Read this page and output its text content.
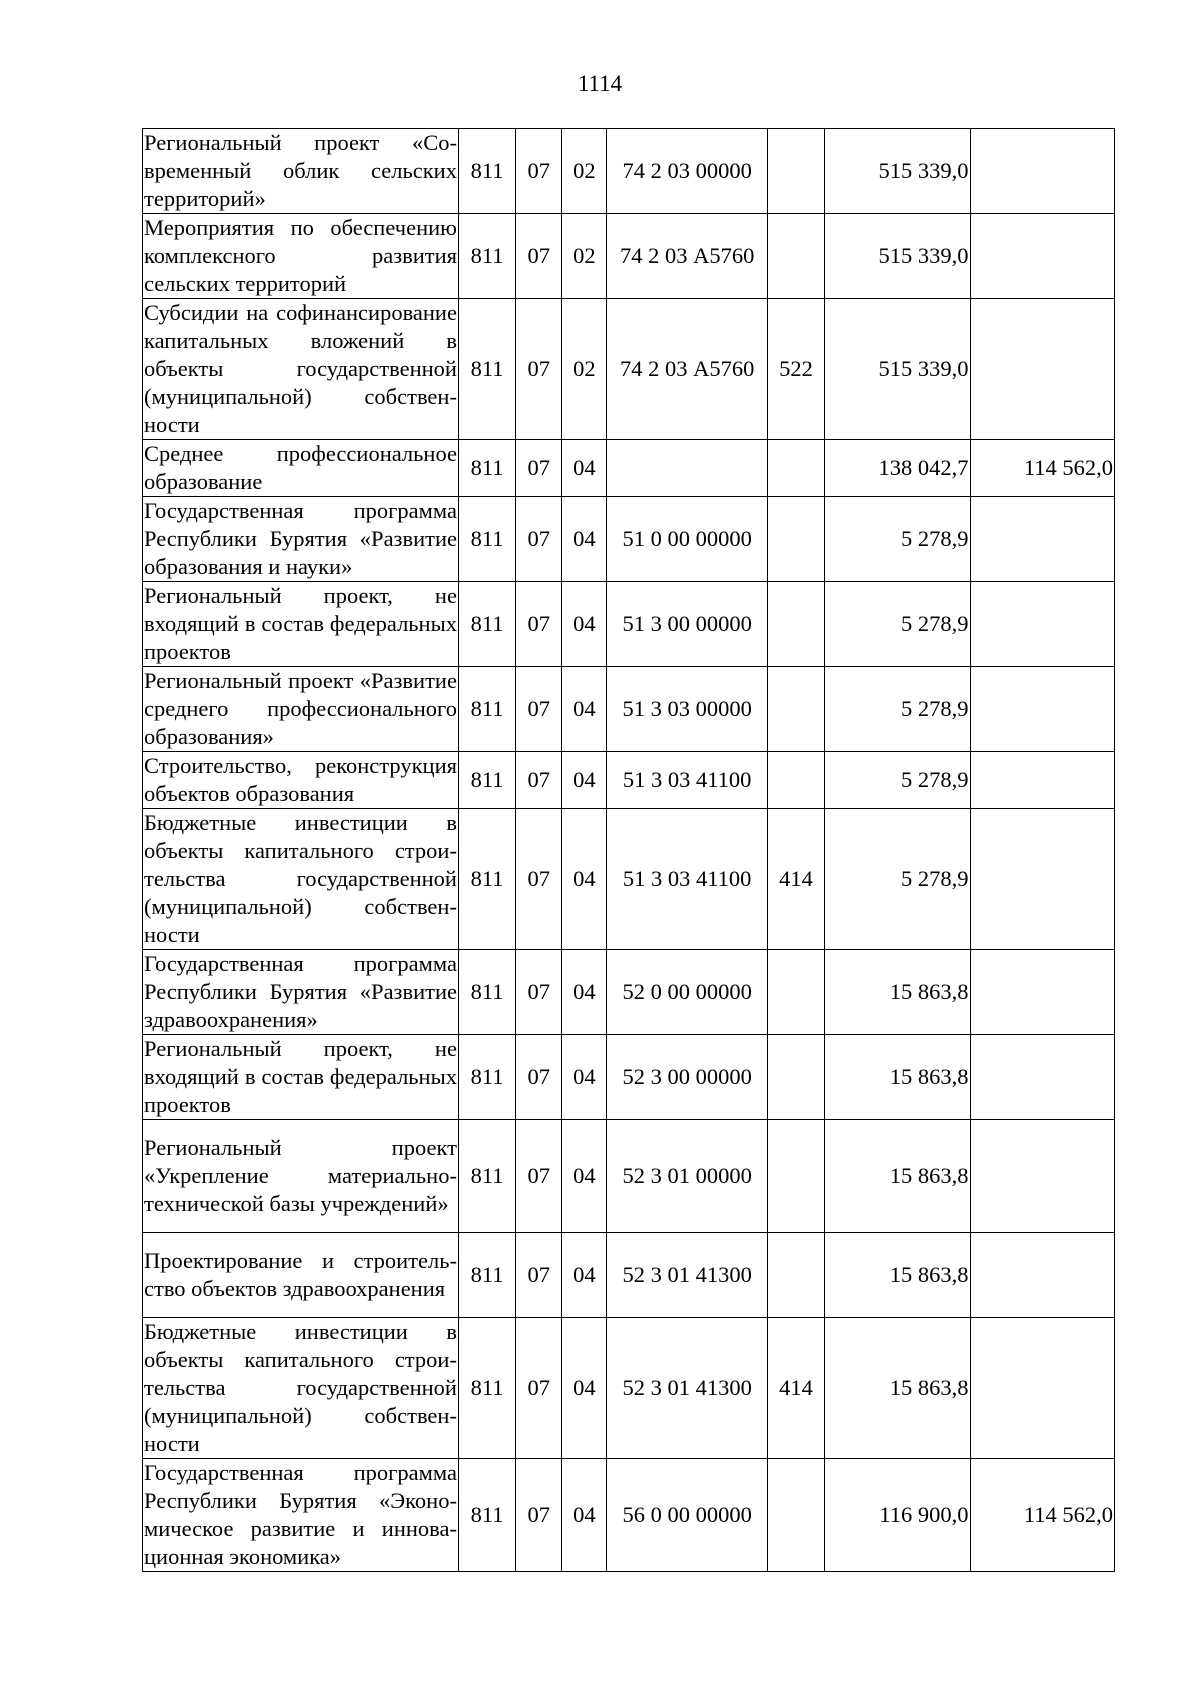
1114
Региональный проект «Современный облик сельских территорий»	811	07	02	74 2 03 00000		515 339,0	
Мероприятия по обеспечению комплексного развития сельских территорий	811	07	02	74 2 03 А5760		515 339,0	
Субсидии на софинансирование капитальных вложений в объекты государственной (муниципальной) собственности	811	07	02	74 2 03 А5760	522	515 339,0	
Среднее профессиональное образование	811	07	04			138 042,7	114 562,0
Государственная программа Республики Бурятия «Развитие образования и науки»	811	07	04	51 0 00 00000		5 278,9	
Региональный проект, не входящий в состав федеральных проектов	811	07	04	51 3 00 00000		5 278,9	
Региональный проект «Развитие среднего профессионального образования»	811	07	04	51 3 03 00000		5 278,9	
Строительство, реконструкция объектов образования	811	07	04	51 3 03 41100		5 278,9	
Бюджетные инвестиции в объекты капитального строительства государственной (муниципальной) собственности	811	07	04	51 3 03 41100	414	5 278,9	
Государственная программа Республики Бурятия «Развитие здравоохранения»	811	07	04	52 0 00 00000		15 863,8	
Региональный проект, не входящий в состав федеральных проектов	811	07	04	52 3 00 00000		15 863,8	
Региональный проект «Укрепление материально-технической базы учреждений»	811	07	04	52 3 01 00000		15 863,8	
Проектирование и строительство объектов здравоохранения	811	07	04	52 3 01 41300		15 863,8	
Бюджетные инвестиции в объекты капитального строительства государственной (муниципальной) собственности	811	07	04	52 3 01 41300	414	15 863,8	
Государственная программа Республики Бурятия «Экономическое развитие и инновационная экономика»	811	07	04	56 0 00 00000		116 900,0	114 562,0
